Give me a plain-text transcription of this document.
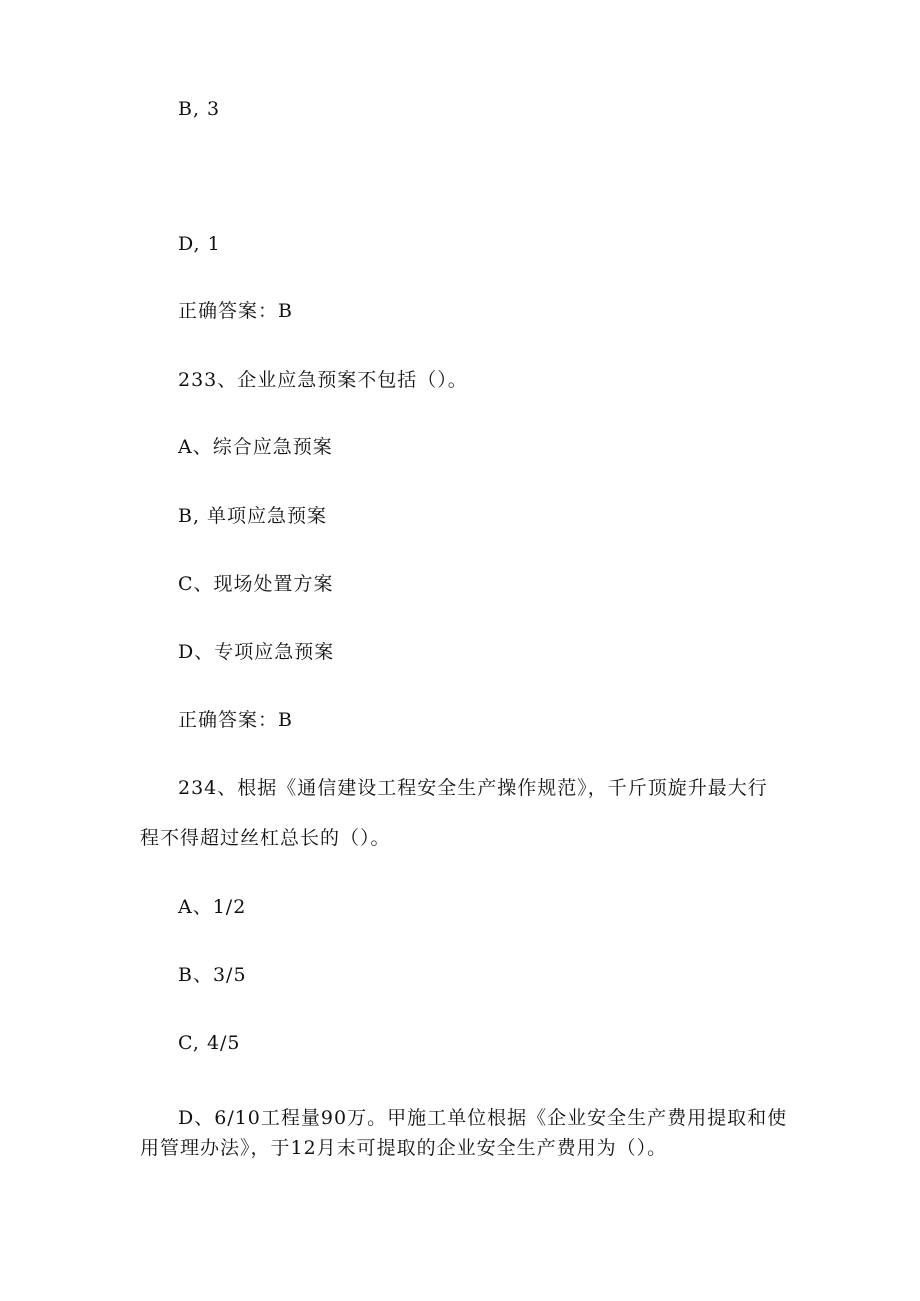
B, 3
D, 1
正确答案：B
233、企业应急预案不包括（）。
A、综合应急预案
B, 单项应急预案
C、现场处置方案
D、专项应急预案
正确答案：B
234、根据《通信建设工程安全生产操作规范》，千斤顶旋升最大行
程不得超过丝杠总长的（）。
A、1/2
B、3/5
C, 4/5
D、6/10工程量90万。甲施工单位根据《企业安全生产费用提取和使
用管理办法》，于12月末可提取的企业安全生产费用为（）。
